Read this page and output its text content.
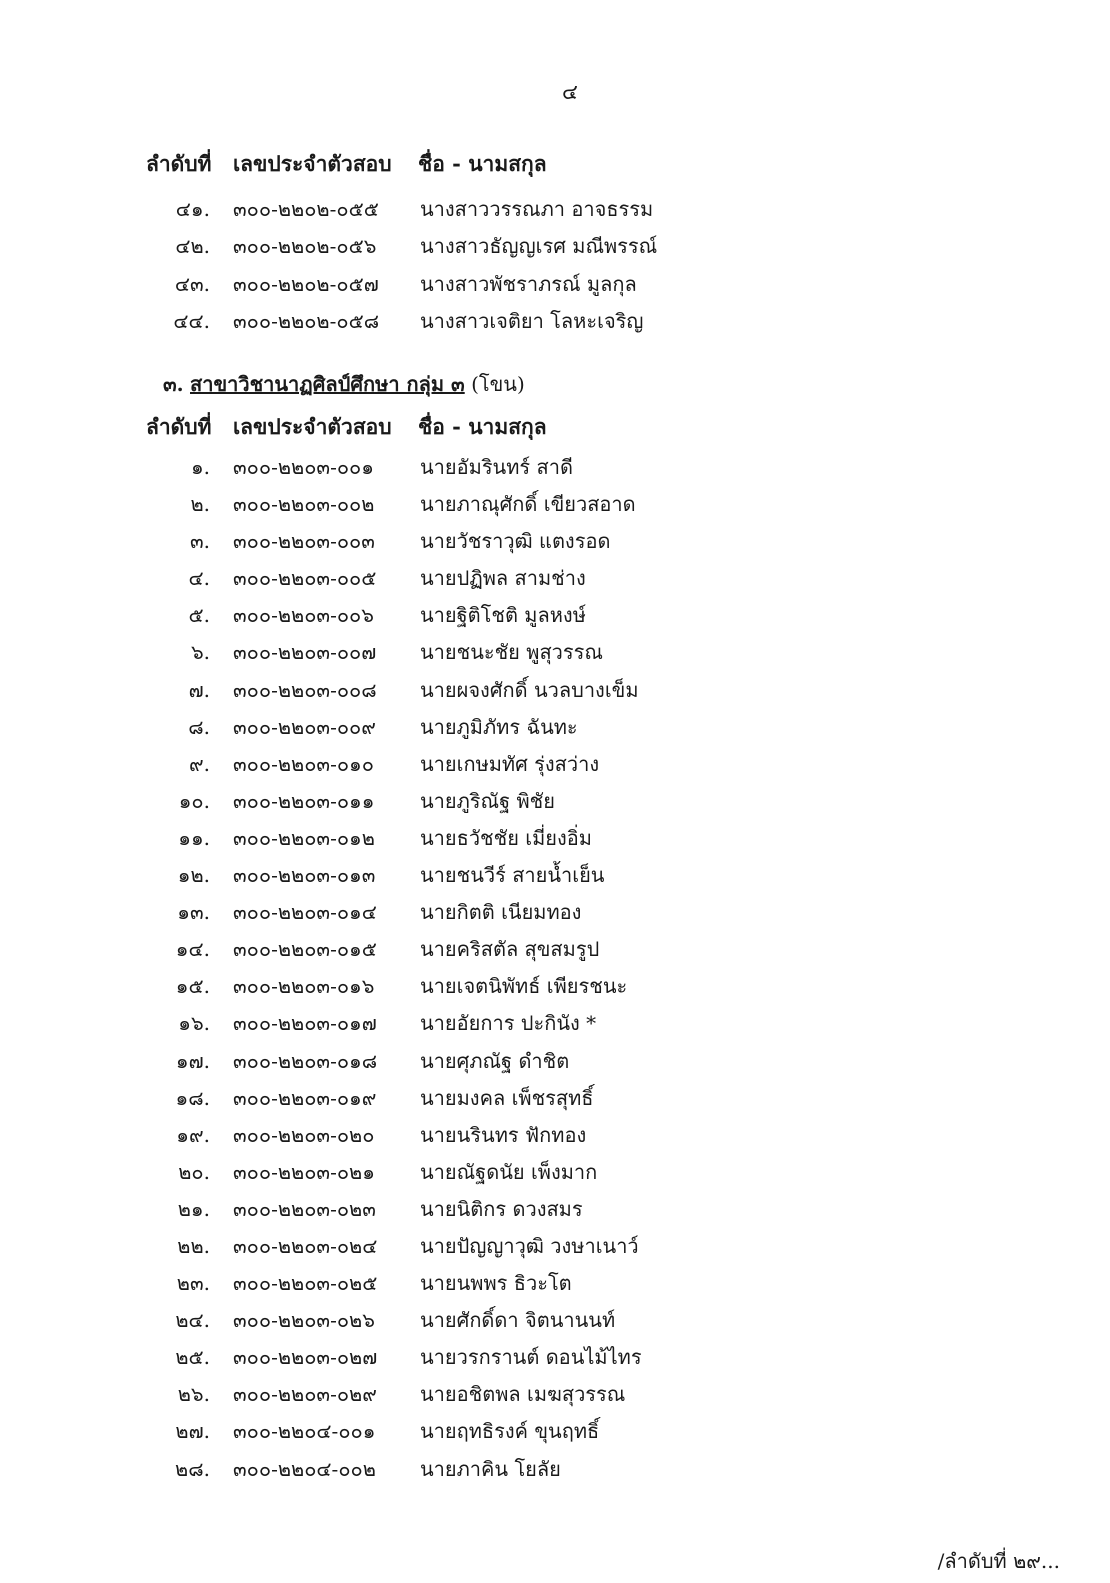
๔
ลำดับที่ เลขประจำตัวสอบ ชื่อ - นามสกุล
๔๑. ๓๐๐-๒๒๐๒-๐๕๕ นางสาววรรณภา อาจธรรม
๔๒. ๓๐๐-๒๒๐๒-๐๕๖ นางสาวธัญญเรศ มณีพรรณ์
๔๓. ๓๐๐-๒๒๐๒-๐๕๗ นางสาวพัชราภรณ์ มูลกุล
๔๔. ๓๐๐-๒๒๐๒-๐๕๘ นางสาวเจติยา โลหะเจริญ
๓. สาขาวิชานาฏศิลป์ศึกษา กลุ่ม ๓ (โขน)
ลำดับที่ เลขประจำตัวสอบ ชื่อ - นามสกุล
๑. ๓๐๐-๒๒๐๓-๐๐๑ นายอัมรินทร์ สาดี
๒. ๓๐๐-๒๒๐๓-๐๐๒ นายภาณุศักดิ์ เขียวสอาด
๓. ๓๐๐-๒๒๐๓-๐๐๓ นายวัชราวุฒิ แตงรอด
๔. ๓๐๐-๒๒๐๓-๐๐๕ นายปฏิพล สามช่าง
๕. ๓๐๐-๒๒๐๓-๐๐๖ นายฐิติโชติ มูลหงษ์
๖. ๓๐๐-๒๒๐๓-๐๐๗ นายชนะชัย พูสุวรรณ
๗. ๓๐๐-๒๒๐๓-๐๐๘ นายผจงศักดิ์ นวลบางเข็ม
๘. ๓๐๐-๒๒๐๓-๐๐๙ นายภูมิภัทร ฉันทะ
๙. ๓๐๐-๒๒๐๓-๐๑๐ นายเกษมทัศ รุ่งสว่าง
๑๐. ๓๐๐-๒๒๐๓-๐๑๑ นายภูริณัฐ พิชัย
๑๑. ๓๐๐-๒๒๐๓-๐๑๒ นายธวัชชัย เมี่ยงอิ่ม
๑๒. ๓๐๐-๒๒๐๓-๐๑๓ นายชนวีร์ สายน้ำเย็น
๑๓. ๓๐๐-๒๒๐๓-๐๑๔ นายกิตติ เนียมทอง
๑๔. ๓๐๐-๒๒๐๓-๐๑๕ นายคริสตัล สุขสมรูป
๑๕. ๓๐๐-๒๒๐๓-๐๑๖ นายเจตนิพัทธ์ เพียรชนะ
๑๖. ๓๐๐-๒๒๐๓-๐๑๗ นายอัยการ ปะกินัง *
๑๗. ๓๐๐-๒๒๐๓-๐๑๘ นายศุภณัฐ ดำชิต
๑๘. ๓๐๐-๒๒๐๓-๐๑๙ นายมงคล เพ็ชรสุทธิ์
๑๙. ๓๐๐-๒๒๐๓-๐๒๐ นายนรินทร ฟักทอง
๒๐. ๓๐๐-๒๒๐๓-๐๒๑ นายณัฐดนัย เพ็งมาก
๒๑. ๓๐๐-๒๒๐๓-๐๒๓ นายนิติกร ดวงสมร
๒๒. ๓๐๐-๒๒๐๓-๐๒๔ นายปัญญาวุฒิ วงษาเนาว์
๒๓. ๓๐๐-๒๒๐๓-๐๒๕ นายนพพร ธิวะโต
๒๔. ๓๐๐-๒๒๐๓-๐๒๖ นายศักดิ์ดา จิตนานนท์
๒๕. ๓๐๐-๒๒๐๓-๐๒๗ นายวรกรานต์ ดอนไม้ไทร
๒๖. ๓๐๐-๒๒๐๓-๐๒๙ นายอชิตพล เมฆสุวรรณ
๒๗. ๓๐๐-๒๒๐๔-๐๐๑ นายฤทธิรงค์ ขุนฤทธิ์
๒๘. ๓๐๐-๒๒๐๔-๐๐๒ นายภาคิน โยลัย
/ลำดับที่ ๒๙...
